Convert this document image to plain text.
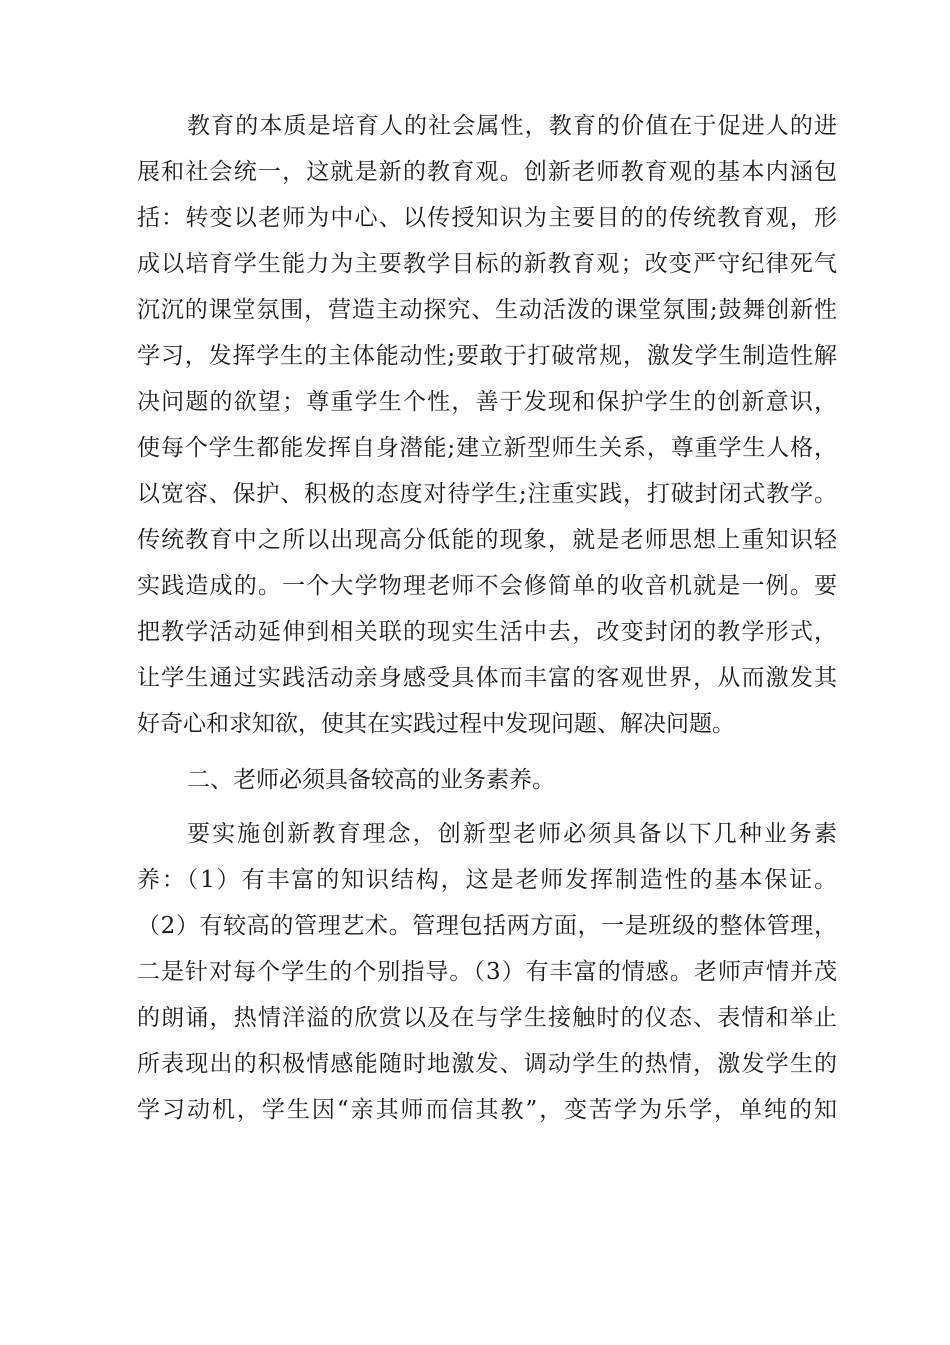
教育的本质是培育人的社会属性，教育的价值在于促进人的进
展和社会统一，这就是新的教育观。创新老师教育观的基本内涵包
括：转变以老师为中心、以传授知识为主要目的的传统教育观，形
成以培育学生能力为主要教学目标的新教育观；改变严守纪律死气
沉沉的课堂氛围，营造主动探究、生动活泼的课堂氛围;鼓舞创新性
学习，发挥学生的主体能动性;要敢于打破常规，激发学生制造性解
决问题的欲望；尊重学生个性，善于发现和保护学生的创新意识，
使每个学生都能发挥自身潜能;建立新型师生关系，尊重学生人格，
以宽容、保护、积极的态度对待学生;注重实践，打破封闭式教学。
传统教育中之所以出现高分低能的现象，就是老师思想上重知识轻
实践造成的。一个大学物理老师不会修简单的收音机就是一例。要
把教学活动延伸到相关联的现实生活中去，改变封闭的教学形式，
让学生通过实践活动亲身感受具体而丰富的客观世界，从而激发其
好奇心和求知欲，使其在实践过程中发现问题、解决问题。
二、老师必须具备较高的业务素养。
要实施创新教育理念，创新型老师必须具备以下几种业务素
养：（1）有丰富的知识结构，这是老师发挥制造性的基本保证。
（2）有较高的管理艺术。管理包括两方面，一是班级的整体管理，
二是针对每个学生的个别指导。（3）有丰富的情感。老师声情并茂
的朗诵，热情洋溢的欣赏以及在与学生接触时的仪态、表情和举止
所表现出的积极情感能随时地激发、调动学生的热情，激发学生的
学习动机，学生因“亲其师而信其教”，变苦学为乐学，单纯的知
